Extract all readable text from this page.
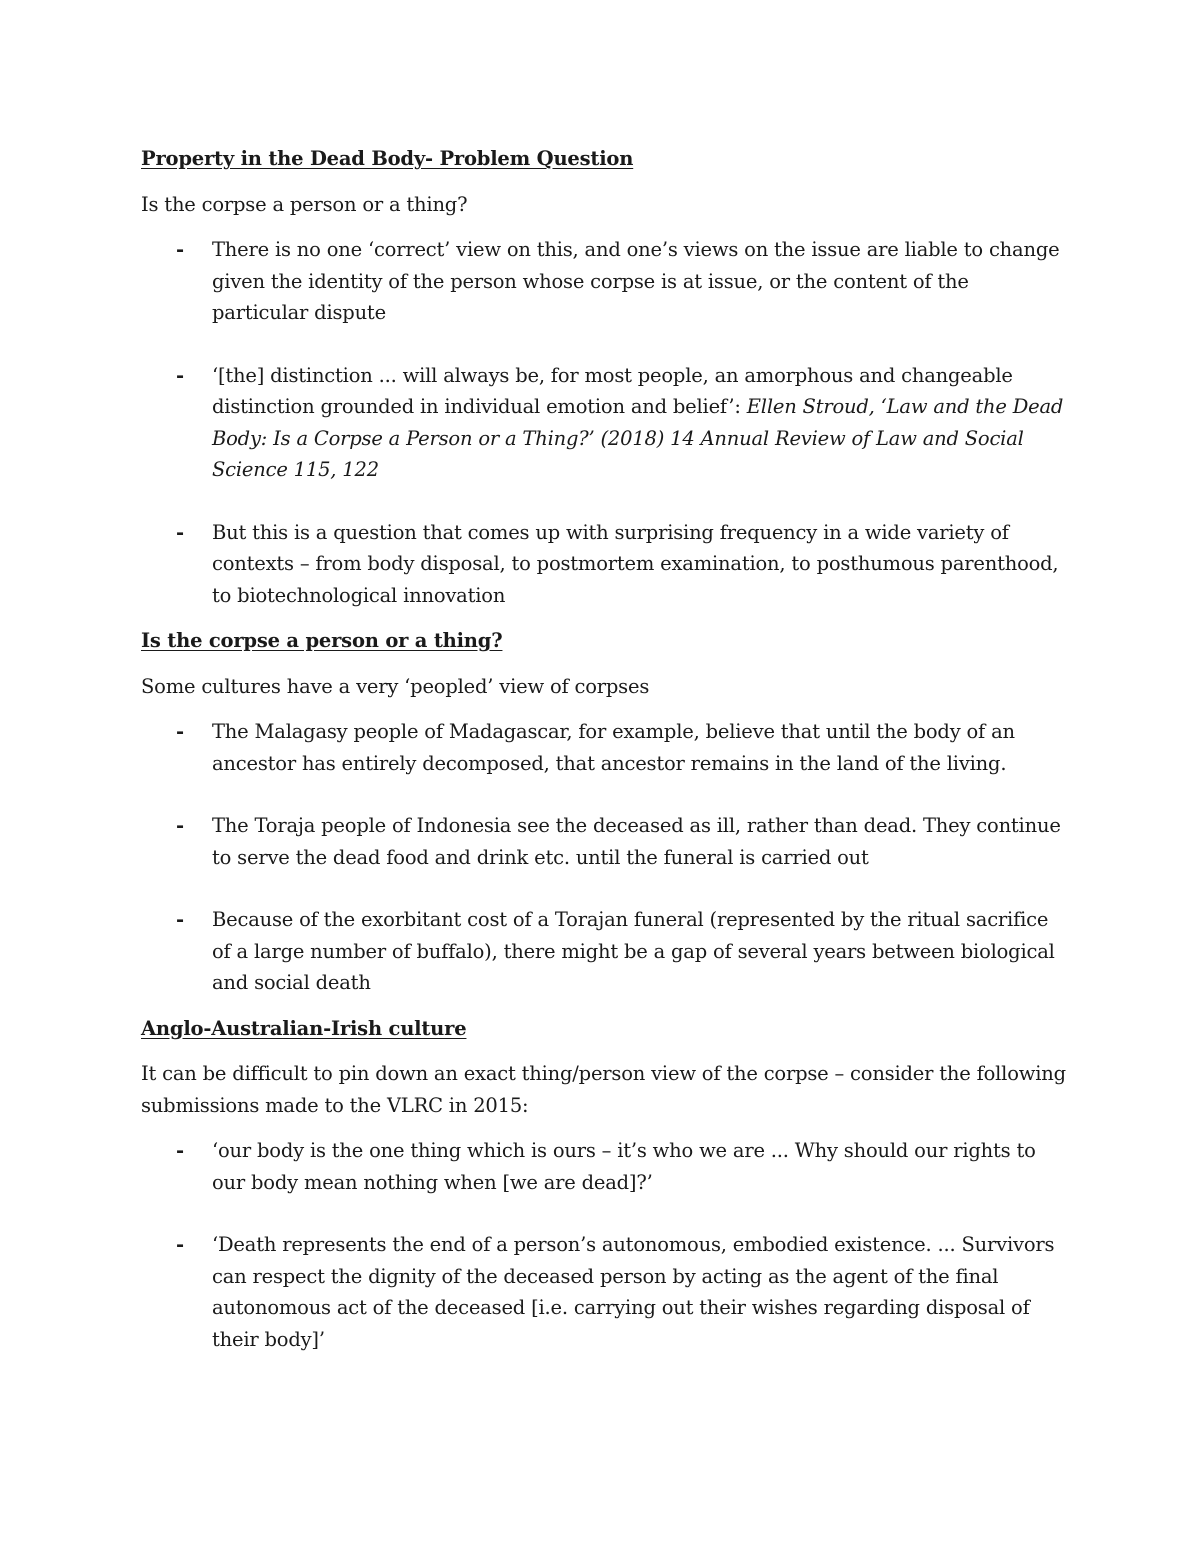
Property in the Dead Body- Problem Question
Is the corpse a person or a thing?
- There is no one ‘correct’ view on this, and one’s views on the issue are liable to change given the identity of the person whose corpse is at issue, or the content of the particular dispute
- ‘[the] distinction ... will always be, for most people, an amorphous and changeable distinction grounded in individual emotion and belief’: Ellen Stroud, ‘Law and the Dead Body: Is a Corpse a Person or a Thing?’ (2018) 14 Annual Review of Law and Social Science 115, 122
- But this is a question that comes up with surprising frequency in a wide variety of contexts – from body disposal, to postmortem examination, to posthumous parenthood, to biotechnological innovation
Is the corpse a person or a thing?
Some cultures have a very ‘peopled’ view of corpses
- The Malagasy people of Madagascar, for example, believe that until the body of an ancestor has entirely decomposed, that ancestor remains in the land of the living.
- The Toraja people of Indonesia see the deceased as ill, rather than dead. They continue to serve the dead food and drink etc. until the funeral is carried out
- Because of the exorbitant cost of a Torajan funeral (represented by the ritual sacrifice of a large number of buffalo), there might be a gap of several years between biological and social death
Anglo-Australian-Irish culture
It can be difficult to pin down an exact thing/person view of the corpse – consider the following submissions made to the VLRC in 2015:
- ‘our body is the one thing which is ours – it’s who we are ... Why should our rights to our body mean nothing when [we are dead]?’
- ‘Death represents the end of a person’s autonomous, embodied existence. ... Survivors can respect the dignity of the deceased person by acting as the agent of the final autonomous act of the deceased [i.e. carrying out their wishes regarding disposal of their body]’
